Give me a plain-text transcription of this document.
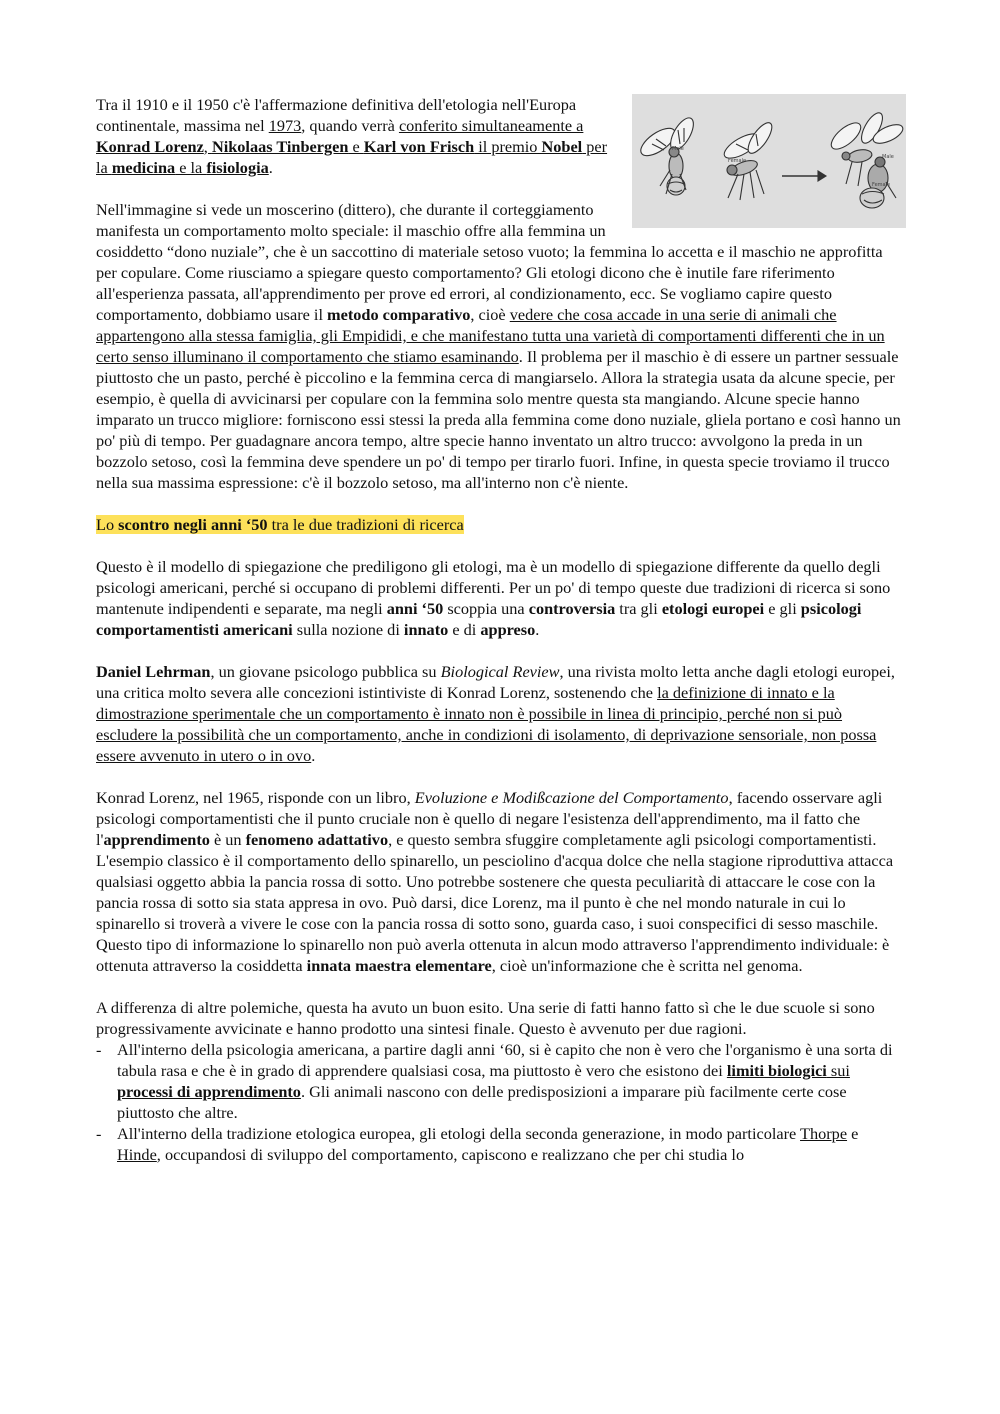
Male
Female
Male
Female

Tra il 1910 e il 1950 c'è l'affermazione definitiva dell'etologia nell'Europa continentale, massima nel 1973, quando verrà conferito simultaneamente a Konrad Lorenz, Nikolaas Tinbergen e Karl von Frisch il premio Nobel per la medicina e la fisiologia.

Nell'immagine si vede un moscerino (dittero), che durante il corteggiamento manifesta un comportamento molto speciale: il maschio offre alla femmina un cosiddetto “dono nuziale”, che è un saccottino di materiale setoso vuoto; la femmina lo accetta e il maschio ne approfitta per copulare. Come riusciamo a spiegare questo comportamento? Gli etologi dicono che è inutile fare riferimento all'esperienza passata, all'apprendimento per prove ed errori, al condizionamento, ecc. Se vogliamo capire questo comportamento, dobbiamo usare il metodo comparativo, cioè vedere che cosa accade in una serie di animali che appartengono alla stessa famiglia, gli Empididi, e che manifestano tutta una varietà di comportamenti differenti che in un certo senso illuminano il comportamento che stiamo esaminando. Il problema per il maschio è di essere un partner sessuale piuttosto che un pasto, perché è piccolino e la femmina cerca di mangiarselo. Allora la strategia usata da alcune specie, per esempio, è quella di avvicinarsi per copulare con la femmina solo mentre questa sta mangiando. Alcune specie hanno imparato un trucco migliore: forniscono essi stessi la preda alla femmina come dono nuziale, gliela portano e così hanno un po' più di tempo. Per guadagnare ancora tempo, altre specie hanno inventato un altro trucco: avvolgono la preda in un bozzolo setoso, così la femmina deve spendere un po' di tempo per tirarlo fuori. Infine, in questa specie troviamo il trucco nella sua massima espressione: c'è il bozzolo setoso, ma all'interno non c'è niente.

Lo scontro negli anni ‘50 tra le due tradizioni di ricerca

Questo è il modello di spiegazione che prediligono gli etologi, ma è un modello di spiegazione differente da quello degli psicologi americani, perché si occupano di problemi differenti. Per un po' di tempo queste due tradizioni di ricerca si sono mantenute indipendenti e separate, ma negli anni ‘50 scoppia una controversia tra gli etologi europei e gli psicologi comportamentisti americani sulla nozione di innato e di appreso.

Daniel Lehrman, un giovane psicologo pubblica su Biological Review, una rivista molto letta anche dagli etologi europei, una critica molto severa alle concezioni istintiviste di Konrad Lorenz, sostenendo che la definizione di innato e la dimostrazione sperimentale che un comportamento è innato non è possibile in linea di principio, perché non si può escludere la possibilità che un comportamento, anche in condizioni di isolamento, di deprivazione sensoriale, non possa essere avvenuto in utero o in ovo.

Konrad Lorenz, nel 1965, risponde con un libro, Evoluzione e Modißcazione del Comportamento, facendo osservare agli psicologi comportamentisti che il punto cruciale non è quello di negare l'esistenza dell'apprendimento, ma il fatto che l'apprendimento è un fenomeno adattativo, e questo sembra sfuggire completamente agli psicologi comportamentisti. L'esempio classico è il comportamento dello spinarello, un pesciolino d'acqua dolce che nella stagione riproduttiva attacca qualsiasi oggetto abbia la pancia rossa di sotto. Uno potrebbe sostenere che questa peculiarità di attaccare le cose con la pancia rossa di sotto sia stata appresa in ovo. Può darsi, dice Lorenz, ma il punto è che nel mondo naturale in cui lo spinarello si troverà a vivere le cose con la pancia rossa di sotto sono, guarda caso, i suoi conspecifici di sesso maschile. Questo tipo di informazione lo spinarello non può averla ottenuta in alcun modo attraverso l'apprendimento individuale: è ottenuta attraverso la cosiddetta innata maestra elementare, cioè un'informazione che è scritta nel genoma.

A differenza di altre polemiche, questa ha avuto un buon esito. Una serie di fatti hanno fatto sì che le due scuole si sono progressivamente avvicinate e hanno prodotto una sintesi finale. Questo è avvenuto per due ragioni.

- All'interno della psicologia americana, a partire dagli anni ‘60, si è capito che non è vero che l'organismo è una sorta di tabula rasa e che è in grado di apprendere qualsiasi cosa, ma piuttosto è vero che esistono dei limiti biologici sui processi di apprendimento. Gli animali nascono con delle predisposizioni a imparare più facilmente certe cose piuttosto che altre.
- All'interno della tradizione etologica europea, gli etologi della seconda generazione, in modo particolare Thorpe e Hinde, occupandosi di sviluppo del comportamento, capiscono e realizzano che per chi studia lo
